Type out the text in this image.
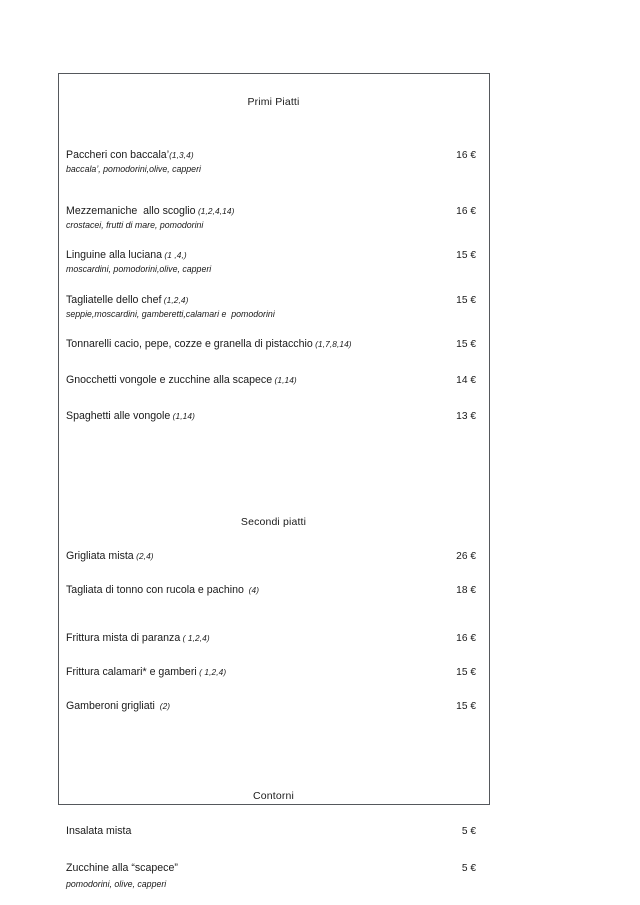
Primi Piatti
Paccheri con baccala’(1,3,4)	16 €
baccala’, pomodorini,olive, capperi
Mezzemaniche  allo scoglio (1,2,4,14)	16 €
crostacei, frutti di mare, pomodorini
Linguine alla luciana (1 ,4,)	15 €
moscardini, pomodorini,olive, capperi
Tagliatelle dello chef (1,2,4)	15 €
seppie,moscardini, gamberetti,calamari e  pomodorini
Tonnarelli cacio, pepe, cozze e granella di pistacchio (1,7,8,14)	15 €
Gnocchetti vongole e zucchine alla scapece (1,14)	14 €
Spaghetti alle vongole (1,14)	13 €
Secondi piatti
Grigliata mista (2,4)	26 €
Tagliata di tonno con rucola e pachino (4)	18 €
Frittura mista di paranza ( 1,2,4)	16 €
Frittura calamari* e gamberi ( 1,2,4)	15 €
Gamberoni grigliati (2)	15 €
Contorni
Insalata mista	5 €
Zucchine alla “scapece”	5 €
pomodorini, olive, capperi
